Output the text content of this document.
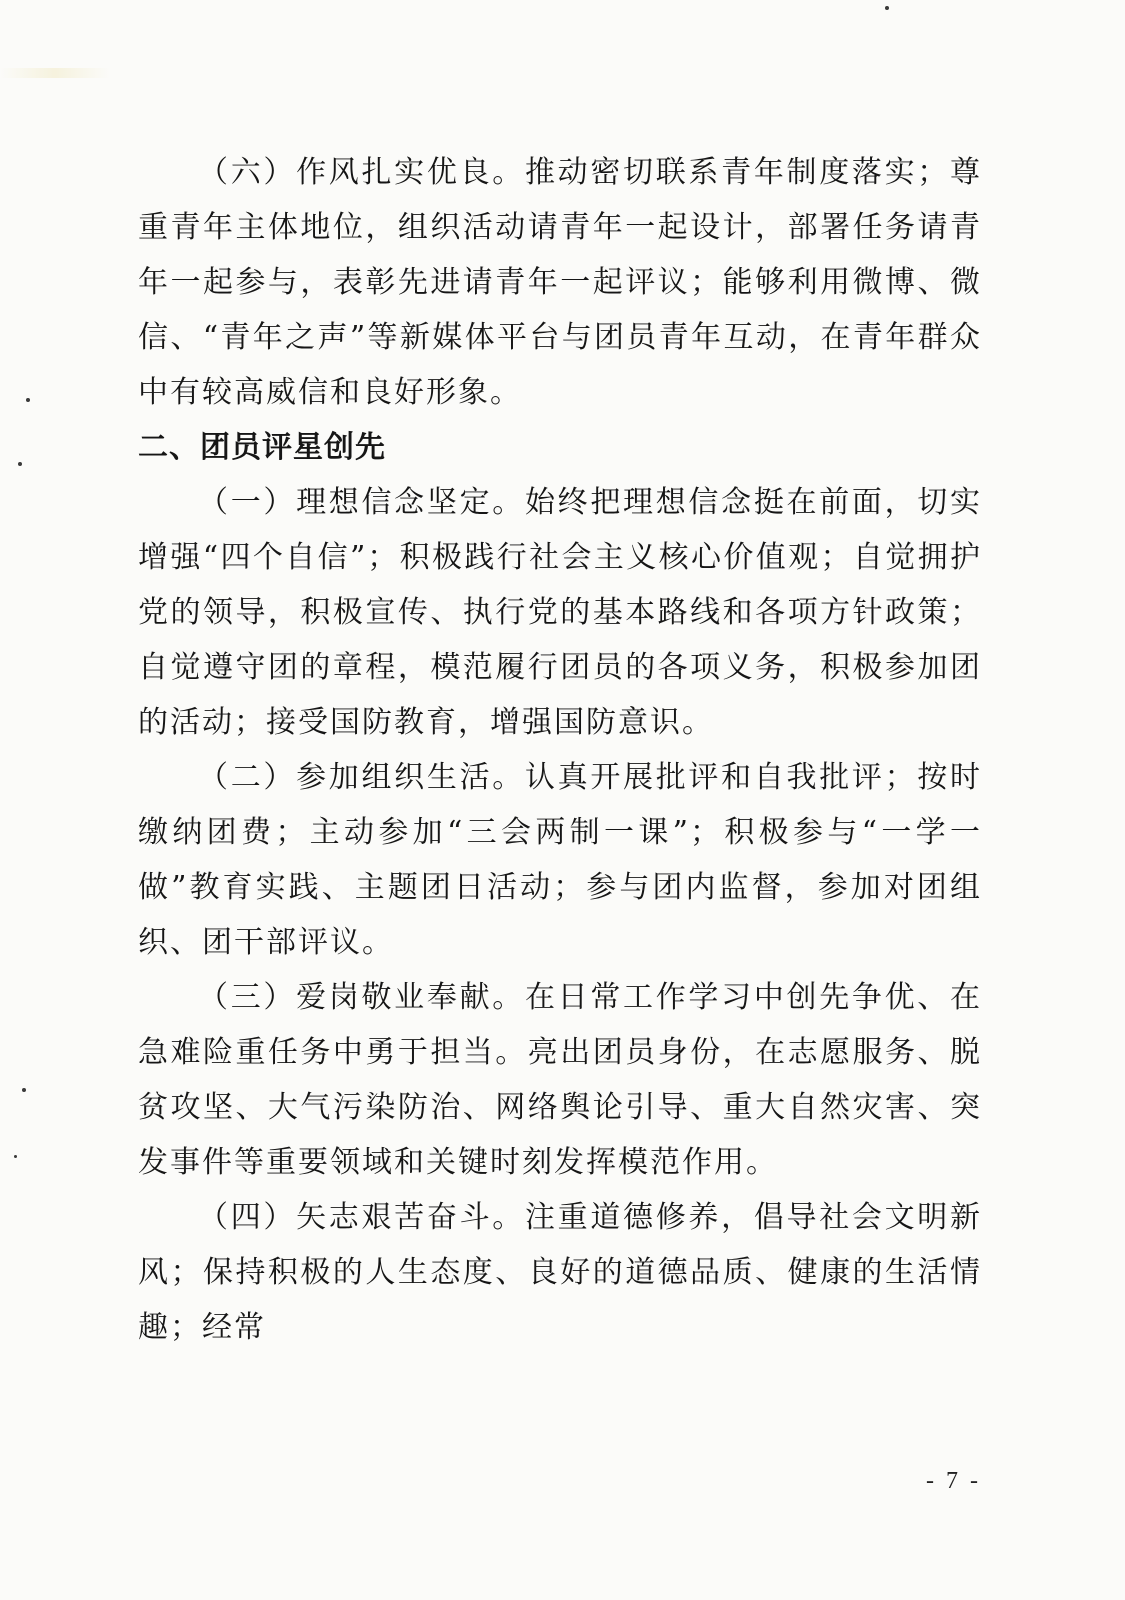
（六）作风扎实优良。推动密切联系青年制度落实；尊重青年主体地位，组织活动请青年一起设计，部署任务请青年一起参与，表彰先进请青年一起评议；能够利用微博、微信、“青年之声”等新媒体平台与团员青年互动，在青年群众中有较高威信和良好形象。

二、团员评星创先

（一）理想信念坚定。始终把理想信念挺在前面，切实增强“四个自信”；积极践行社会主义核心价值观；自觉拥护党的领导，积极宣传、执行党的基本路线和各项方针政策；自觉遵守团的章程，模范履行团员的各项义务，积极参加团的活动；接受国防教育，增强国防意识。

（二）参加组织生活。认真开展批评和自我批评；按时缴纳团费；主动参加“三会两制一课”；积极参与“一学一做”教育实践、主题团日活动；参与团内监督，参加对团组织、团干部评议。

（三）爱岗敬业奉献。在日常工作学习中创先争优、在急难险重任务中勇于担当。亮出团员身份，在志愿服务、脱贫攻坚、大气污染防治、网络舆论引导、重大自然灾害、突发事件等重要领域和关键时刻发挥模范作用。

（四）矢志艰苦奋斗。注重道德修养，倡导社会文明新风；保持积极的人生态度、良好的道德品质、健康的生活情趣；经常

- 7 -
